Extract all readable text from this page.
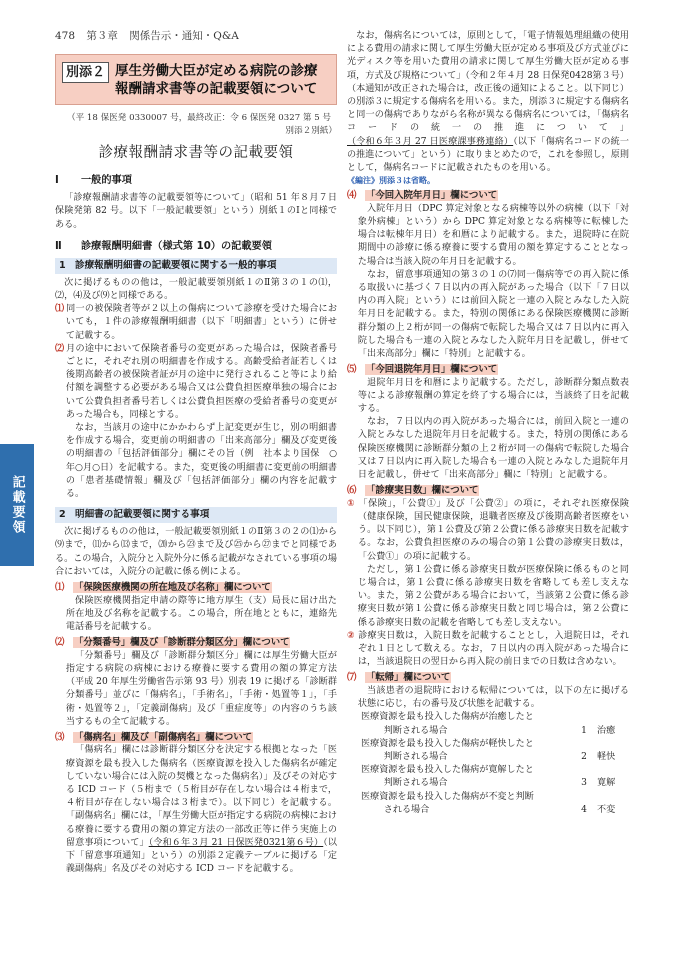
478 第３章 関係告示・通知・Q&A
記載要領
別添２ 厚生労働大臣が定める病院の診療報酬請求書等の記載要領について
（平 18 保医発 0330007 号，最終改正：令 6 保医発 0327 第 5 号
別添２別紙）
診療報酬請求書等の記載要領
Ⅰ 一般的事項

「診療報酬請求書等の記載要領等について」（昭和 51 年８月７日保険発第 82 号。以下「一般記載要領」という）別紙１のⅠと同様である。

Ⅱ 診療報酬明細書（様式第 10）の記載要領
1 診療報酬明細書の記載要領に関する一般的事項

次に掲げるものの他は，一般記載要領別紙１のⅡ第３の１の⑴，⑵，⑷及び⑼と同様である。

⑴ 同一の被保険者等が２以上の傷病について診療を受けた場合においても，１件の診療報酬明細書（以下「明細書」という）に併せて記載する。
⑵ 月の途中において保険者番号の変更があった場合は，保険者番号ごとに，それぞれ別の明細書を作成する。高齢受給者証若しくは後期高齢者の被保険者証が月の途中に発行されること等により給付額を調整する必要がある場合又は公費負担医療単独の場合において公費負担者番号若しくは公費負担医療の受給者番号の変更があった場合も，同様とする。

なお，当該月の途中にかかわらず上記変更が生じ，別の明細書を作成する場合，変更前の明細書の「出来高部分」欄及び変更後の明細書の「包括評価部分」欄にその旨（例　社本より国保　○年○月○日）を記載する。また，変更後の明細書に変更前の明細書の「患者基礎情報」欄及び「包括評価部分」欄の内容を記載する。

2 明細書の記載要領に関する事項

次に掲げるものの他は，一般記載要領別紙１のⅡ第３の２の⑴から⑼まで，⑾から⒀まで，⒇から㉓まで及び㉕から㉗までと同様である。この場合，入院分と入院外分に係る記載がなされている事項の場合においては，入院分の記載に係る例による。

⑴ 「保険医療機関の所在地及び名称」欄について

保険医療機関指定申請の際等に地方厚生（支）局長に届け出た所在地及び名称を記載する。この場合，所在地とともに，連絡先電話番号を記載する。

⑵ 「分類番号」欄及び「診断群分類区分」欄について

「分類番号」欄及び「診断群分類区分」欄には厚生労働大臣が指定する病院の病棟における療養に要する費用の額の算定方法（平成 20 年厚生労働省告示第 93 号）別表 19 に掲げる「診断群分類番号」並びに「傷病名」，「手術名」，「手術・処置等１」，「手術・処置等２」，「定義副傷病」及び「重症度等」の内容のうち該当するもの全て記載する。

⑶ 「傷病名」欄及び「副傷病名」欄について

「傷病名」欄には診断群分類区分を決定する根拠となった「医療資源を最も投入した傷病名（医療資源を投入した傷病名が確定していない場合には入院の契機となった傷病名）」及びその対応する ICD コード（５桁まで（５桁目が存在しない場合は４桁まで，４桁目が存在しない場合は３桁まで）。以下同じ）を記載する。「副傷病名」欄には，「厚生労働大臣が指定する病院の病棟における療養に要する費用の額の算定方法の一部改正等に伴う実施上の留意事項について」（令和６年３月 21 日保医発0321第６号）（以下「留意事項通知」という）の別添２定義テーブルに掲げる「定義副傷病」名及びその対応する ICD コードを記載する。

なお，傷病名については，原則として，「電子情報処理組織の使用による費用の請求に関して厚生労働大臣が定める事項及び方式並びに光ディスク等を用いた費用の請求に関して厚生労働大臣が定める事項，方式及び規格について」（令和２年４月 28 日保発0428第３号）（本通知が改正された場合は，改正後の通知によること。以下同じ）の別添３に規定する傷病名を用いる。また，別添３に規定する傷病名と同一の傷病でありながら名称が異なる傷病名については，「傷病名コードの統一の推進について」（令和６年３月 27 日医療課事務連絡）（以下「傷病名コードの統一の推進について」という）に取りまとめたので，これを参照し，原則として，傷病名コードに記載されたものを用いる。

《編注》別添３は省略。
⑷ 「今回入院年月日」欄について

入院年月日（DPC 算定対象となる病棟等以外の病棟（以下「対象外病棟」という）から DPC 算定対象となる病棟等に転棟した場合は転棟年月日）を和暦により記載する。また，退院時に在院期間中の診療に係る療養に要する費用の額を算定することとなった場合は当該入院の年月日を記載する。

なお，留意事項通知の第３の１の⑺同一傷病等での再入院に係る取扱いに基づく７日以内の再入院があった場合（以下「７日以内の再入院」という）には前回入院と一連の入院とみなした入院年月日を記載する。また，特別の関係にある保険医療機関に診断群分類の上２桁が同一の傷病で転院した場合又は７日以内に再入院した場合も一連の入院とみなした入院年月日を記載し，併せて「出来高部分」欄に「特別」と記載する。

⑸ 「今回退院年月日」欄について

退院年月日を和暦により記載する。ただし，診断群分類点数表等による診療報酬の算定を終了する場合には，当該終了日を記載する。

なお，７日以内の再入院があった場合には，前回入院と一連の入院とみなした退院年月日を記載する。また，特別の関係にある保険医療機関に診断群分類の上２桁が同一の傷病で転院した場合又は７日以内に再入院した場合も一連の入院とみなした退院年月日を記載し，併せて「出来高部分」欄に「特別」と記載する。

⑹ 「診療実日数」欄について
① 「保険」，「公費①」及び「公費②」の項に，それぞれ医療保険（健康保険，国民健康保険，退職者医療及び後期高齢者医療をいう。以下同じ），第１公費及び第２公費に係る診療実日数を記載する。なお，公費負担医療のみの場合の第１公費の診療実日数は，「公費①」の項に記載する。

ただし，第１公費に係る診療実日数が医療保険に係るものと同じ場合は，第１公費に係る診療実日数を省略しても差し支えない。また，第２公費がある場合において，当該第２公費に係る診療実日数が第１公費に係る診療実日数と同じ場合は，第２公費に係る診療実日数の記載を省略しても差し支えない。

② 診療実日数は，入院日数を記載することとし，入退院日は，それぞれ１日として数える。なお，７日以内の再入院があった場合には，当該退院日の翌日から再入院の前日までの日数は含めない。
⑺ 「転帰」欄について

当該患者の退院時における転帰については，以下の左に掲げる状態に応じ，右の番号及び状態を記載する。

医療資源を最も投入した傷病が治癒したと
判断される場合	1	治癒
医療資源を最も投入した傷病が軽快したと
判断される場合	2	軽快
医療資源を最も投入した傷病が寛解したと
判断される場合	3	寛解
医療資源を最も投入した傷病が不変と判断
される場合	4	不変
